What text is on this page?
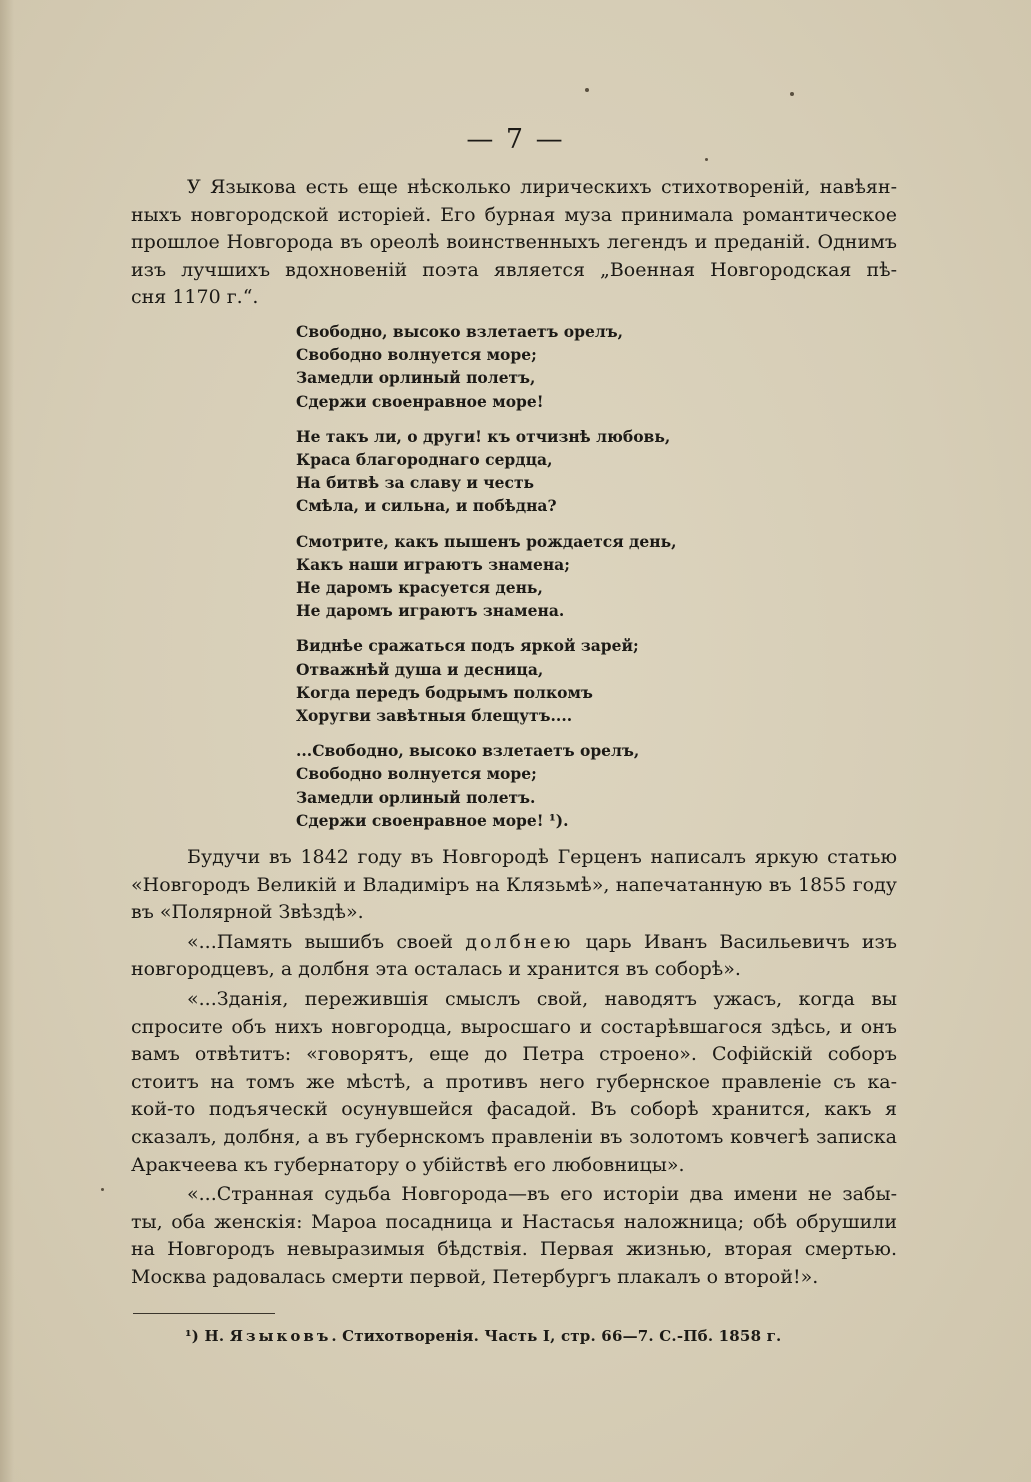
— 7 —
У Языкова есть еще нѣсколько лирическихъ стихотвореній, навѣян-
ныхъ новгородской исторіей. Его бурная муза принимала романтическое
прошлое Новгорода въ ореолѣ воинственныхъ легендъ и преданій. Однимъ
изъ лучшихъ вдохновеній поэта является „Военная Новгородская пѣ-
сня 1170 г.“.
Свободно, высоко взлетаетъ орелъ,
Свободно волнуется море;
Замедли орлиный полетъ,
Сдержи своенравное море!
Не такъ ли, о други! къ отчизнѣ любовь,
Краса благороднаго сердца,
На битвѣ за славу и честь
Смѣла, и сильна, и побѣдна?
Смотрите, какъ пышенъ рождается день,
Какъ наши играютъ знамена;
Не даромъ красуется день,
Не даромъ играютъ знамена.
Виднѣе сражаться подъ яркой зарей;
Отважнѣй душа и десница,
Когда передъ бодрымъ полкомъ
Хоругви завѣтныя блещутъ....
...Свободно, высоко взлетаетъ орелъ,
Свободно волнуется море;
Замедли орлиный полетъ.
Сдержи своенравное море! ¹).
Будучи въ 1842 году въ Новгородѣ Герценъ написалъ яркую статью
«Новгородъ Великій и Владиміръ на Клязьмѣ», напечатанную въ 1855 году
въ «Полярной Звѣздѣ».
«...Память вышибъ своей долбнею царь Иванъ Васильевичъ изъ
новгородцевъ, а долбня эта осталась и хранится въ соборѣ».
«...Зданія, пережившія смыслъ свой, наводятъ ужасъ, когда вы
спросите объ нихъ новгородца, выросшаго и состарѣвшагося здѣсь, и онъ
вамъ отвѣтитъ: «говорятъ, еще до Петра строено». Софійскій соборъ
стоитъ на томъ же мѣстѣ, а противъ него губернское правленіе съ ка-
кой-то подъяческй осунувшейся фасадой. Въ соборѣ хранится, какъ я
сказалъ, долбня, а въ губернскомъ правленіи въ золотомъ ковчегѣ записка
Аракчеева къ губернатору о убійствѣ его любовницы».
«...Странная судьба Новгорода—въ его исторіи два имени не забы-
ты, оба женскія: Мароа посадница и Настасья наложница; обѣ обрушили
на Новгородъ невыразимыя бѣдствія. Первая жизнью, вторая смертью.
Москва радовалась смерти первой, Петербургъ плакалъ о второй!».
¹) Н. Языковъ. Стихотворенія. Часть I, стр. 66—7. С.-Пб. 1858 г.
